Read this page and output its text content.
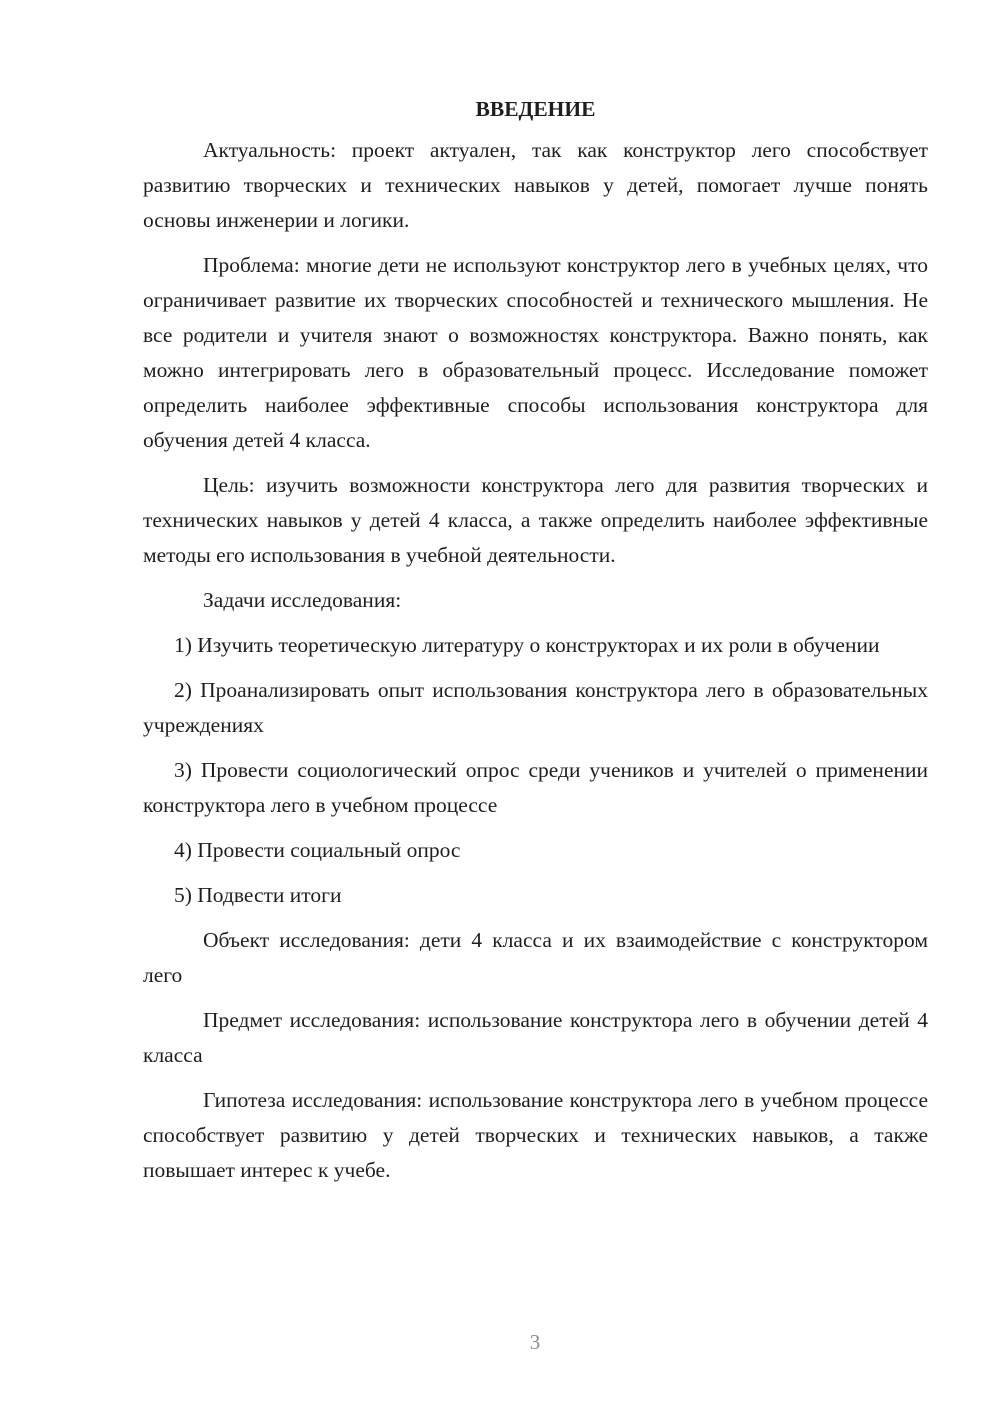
ВВЕДЕНИЕ

Актуальность: проект актуален, так как конструктор лего способствует развитию творческих и технических навыков у детей, помогает лучше понять основы инженерии и логики.

Проблема: многие дети не используют конструктор лего в учебных целях, что ограничивает развитие их творческих способностей и технического мышления. Не все родители и учителя знают о возможностях конструктора. Важно понять, как можно интегрировать лего в образовательный процесс. Исследование поможет определить наиболее эффективные способы использования конструктора для обучения детей 4 класса.

Цель: изучить возможности конструктора лего для развития творческих и технических навыков у детей 4 класса, а также определить наиболее эффективные методы его использования в учебной деятельности.

Задачи исследования:

1) Изучить теоретическую литературу о конструкторах и их роли в обучении

2) Проанализировать опыт использования конструктора лего в образовательных учреждениях

3) Провести социологический опрос среди учеников и учителей о применении конструктора лего в учебном процессе

4) Провести социальный опрос

5) Подвести итоги

Объект исследования: дети 4 класса и их взаимодействие с конструктором лего

Предмет исследования: использование конструктора лего в обучении детей 4 класса

Гипотеза исследования: использование конструктора лего в учебном процессе способствует развитию у детей творческих и технических навыков, а также повышает интерес к учебе.

3
